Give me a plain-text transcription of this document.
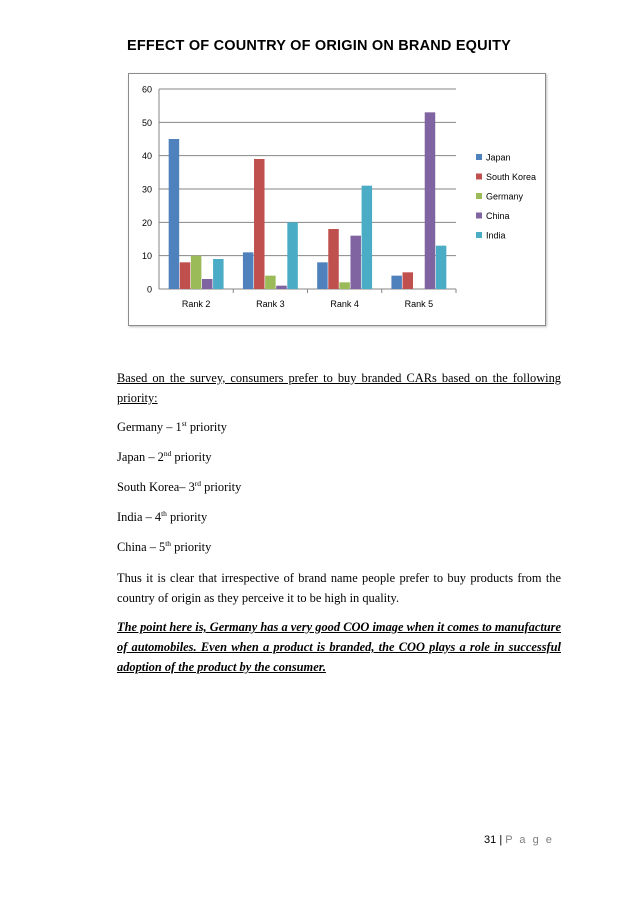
EFFECT OF COUNTRY OF ORIGIN ON BRAND EQUITY
0
10
20
30
40
50
60
Rank 2	Rank 3	Rank 4	Rank 5
Japan
South Korea
Germany
China
India
Based on the survey, consumers prefer to buy branded CARs based on the following priority:
Germany – 1st priority
Japan – 2nd priority
South Korea– 3rd priority
India – 4th priority
China – 5th priority
Thus it is clear that irrespective of brand name people prefer to buy products from the country of origin as they perceive it to be high in quality.
The point here is, Germany has a very good COO image when it comes to manufacture of automobiles. Even when a product is branded, the COO plays a role in successful adoption of the product by the consumer.
31 | P a g e
